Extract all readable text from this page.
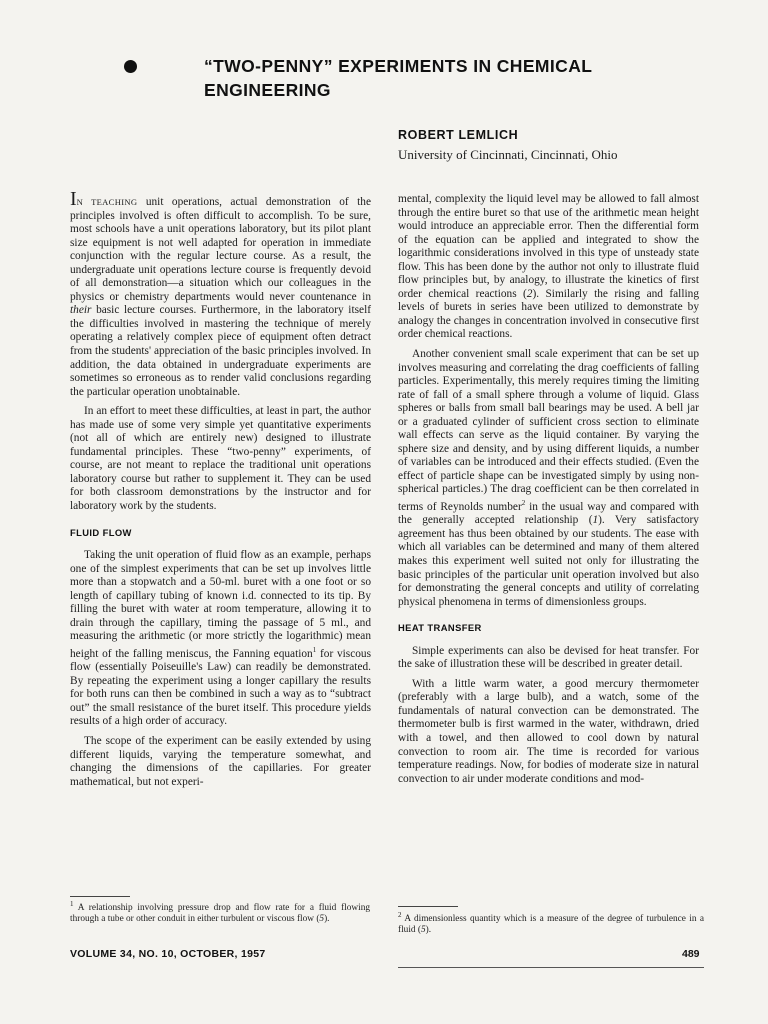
“TWO-PENNY” EXPERIMENTS IN CHEMICAL ENGINEERING
ROBERT LEMLICH
University of Cincinnati, Cincinnati, Ohio

IN TEACHING unit operations, actual demonstration of the principles involved is often difficult to accomplish. To be sure, most schools have a unit operations laboratory, but its pilot plant size equipment is not well adapted for operation in immediate conjunction with the regular lecture course. As a result, the undergraduate unit operations lecture course is frequently devoid of all demonstration—a situation which our colleagues in the physics or chemistry departments would never countenance in their basic lecture courses. Furthermore, in the laboratory itself the difficulties involved in mastering the technique of merely operating a relatively complex piece of equipment often detract from the students' appreciation of the basic principles involved. In addition, the data obtained in undergraduate experiments are sometimes so erroneous as to render valid conclusions regarding the particular operation unobtainable.

In an effort to meet these difficulties, at least in part, the author has made use of some very simple yet quantitative experiments (not all of which are entirely new) designed to illustrate fundamental principles. These “two-penny” experiments, of course, are not meant to replace the traditional unit operations laboratory course but rather to supplement it. They can be used for both classroom demonstrations by the instructor and for laboratory work by the students.

FLUID FLOW

Taking the unit operation of fluid flow as an example, perhaps one of the simplest experiments that can be set up involves little more than a stopwatch and a 50-ml. buret with a one foot or so length of capillary tubing of known i.d. connected to its tip. By filling the buret with water at room temperature, allowing it to drain through the capillary, timing the passage of 5 ml., and measuring the arithmetic (or more strictly the logarithmic) mean height of the falling meniscus, the Fanning equation$^1$ for viscous flow (essentially Poiseuille's Law) can readily be demonstrated. By repeating the experiment using a longer capillary the results for both runs can then be combined in such a way as to “subtract out” the small resistance of the buret itself. This procedure yields results of a high order of accuracy.

The scope of the experiment can be easily extended by using different liquids, varying the temperature somewhat, and changing the dimensions of the capillaries. For greater mathematical, but not experi-

$^1$ A relationship involving pressure drop and flow rate for a fluid flowing through a tube or other conduit in either turbulent or viscous flow (5).

mental, complexity the liquid level may be allowed to fall almost through the entire buret so that use of the arithmetic mean height would introduce an appreciable error. Then the differential form of the equation can be applied and integrated to show the logarithmic considerations involved in this type of unsteady state flow. This has been done by the author not only to illustrate fluid flow principles but, by analogy, to illustrate the kinetics of first order chemical reactions (2). Similarly the rising and falling levels of burets in series have been utilized to demonstrate by analogy the changes in concentration involved in consecutive first order chemical reactions.

Another convenient small scale experiment that can be set up involves measuring and correlating the drag coefficients of falling particles. Experimentally, this merely requires timing the limiting rate of fall of a small sphere through a volume of liquid. Glass spheres or balls from small ball bearings may be used. A bell jar or a graduated cylinder of sufficient cross section to eliminate wall effects can serve as the liquid container. By varying the sphere size and density, and by using different liquids, a number of variables can be introduced and their effects studied. (Even the effect of particle shape can be investigated simply by using non-spherical particles.) The drag coefficient can be then correlated in terms of Reynolds number$^2$ in the usual way and compared with the generally accepted relationship (1). Very satisfactory agreement has thus been obtained by our students. The ease with which all variables can be determined and many of them altered makes this experiment well suited not only for illustrating the basic principles of the particular unit operation involved but also for demonstrating the general concepts and utility of correlating physical phenomena in terms of dimensionless groups.

HEAT TRANSFER

Simple experiments can also be devised for heat transfer. For the sake of illustration these will be described in greater detail.

With a little warm water, a good mercury thermometer (preferably with a large bulb), and a watch, some of the fundamentals of natural convection can be demonstrated. The thermometer bulb is first warmed in the water, withdrawn, dried with a towel, and then allowed to cool down by natural convection to room air. The time is recorded for various temperature readings. Now, for bodies of moderate size in natural convection to air under moderate conditions and mod-

$^2$ A dimensionless quantity which is a measure of the degree of turbulence in a fluid (5).
VOLUME 34, NO. 10, OCTOBER, 1957	489
